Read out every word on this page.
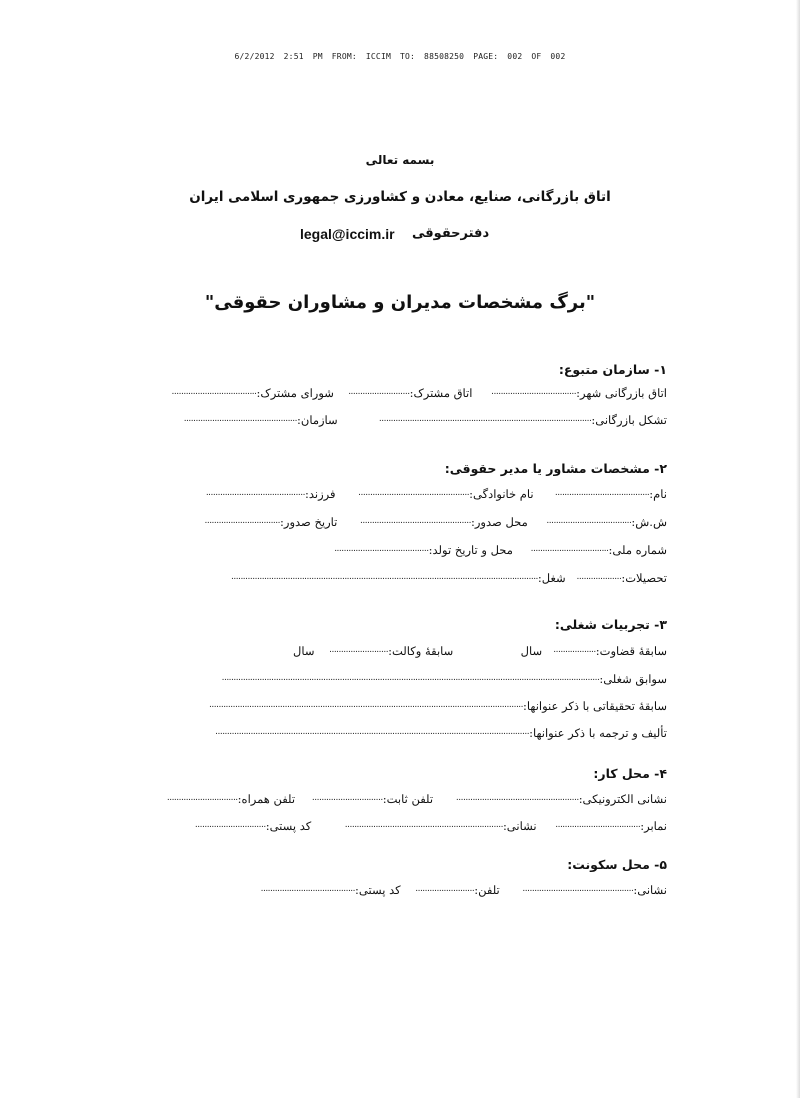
6/2/2012 2:51 PM FROM: ICCIM TO: 88508250 PAGE: 002 OF 002
بسمه تعالی
اتاق بازرگانی، صنایع، معادن و کشاورزی جمهوری اسلامی ایران
دفترحقوقی
legal@iccim.ir
"برگ مشخصات مدیران و مشاوران حقوقی"
۱- سازمان متبوع:
اتاق بازرگانی شهر:.................................... اتاق مشترک:.......................... شورای مشترک:....................................
تشکل بازرگانی:.......................................................................................... سازمان:................................................
۲- مشخصات مشاور یا مدیر حقوقی:
نام:........................................ نام خانوادگی:............................................... فرزند:..........................................
ش.ش:.................................... محل صدور:............................................... تاریخ صدور:................................
شماره ملی:................................. محل و تاریخ تولد:........................................
تحصیلات:................... شغل:..................................................................................................................................
۳- تجربیات شغلی:
سابقهٔ قضاوت:.................. سال  سابقهٔ وکالت:......................... سال
سوابق شغلی:................................................................................................................................................................
سابقهٔ تحقیقاتی با ذکر عنوانها:.....................................................................................................................................
تألیف و ترجمه با ذکر عنوانها:.....................................................................................................................................
۴- محل کار:
نشانی الکترونیکی:.................................................... تلفن ثابت:.............................. تلفن همراه:..............................
نمابر:.................................... نشانی:................................................................... کد پستی:..............................
۵- محل سکونت:
نشانی:............................................... تلفن:......................... کد پستی:........................................
